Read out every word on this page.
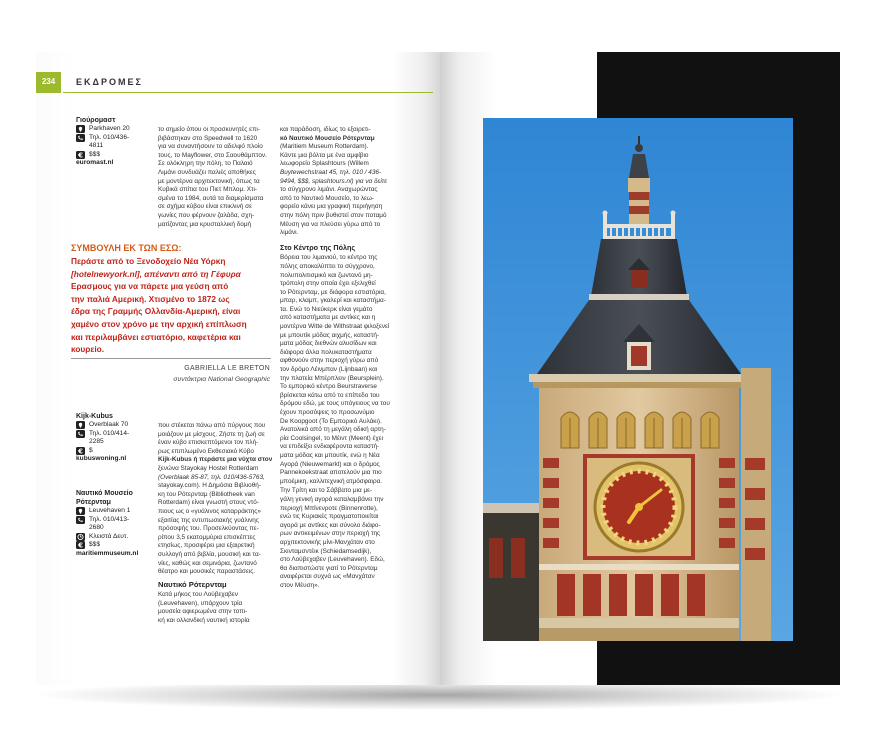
234	ΕΚΔΡΟΜΕΣ
Γιούρομαστ
Parkhaven 20
Τηλ. 010/436-
4811
€ $$$
euromast.nl
ΣΥΜΒΟΥΛΗ ΕΚ ΤΩΝ ΕΣΩ:
Περάστε από το Ξενοδοχείο Νέα Υόρκη
[hotelnewyork.nl], απέναντι από τη Γέφυρα
Ερασμους για να πάρετε μια γεύση από
την παλιά Αμερική. Χτισμένο το 1872 ως
έδρα της Γραμμής Ολλανδία-Αμερική, είναι
χαμένο στον χρόνο με την αρχική επίπλωση
και περιλαμβάνει εστιατόριο, καφετέρια και
κουρείο.
GABRIELLA LE BRETON
συντάκτρια National Geographic
Kijk-Kubus
Overblaak 70
Τηλ. 010/414-
2285
€ $
kubuswoning.nl
Ναυτικό Μουσείο
Ρότερνταμ
Leuvehaven 1
Τηλ. 010/413-
2680
Κλειστά Δευτ.
€ $$$
maritiemmuseum.nl

το σημείο όπου οι προσκυνητές επι-

βιβάστηκαν στο Speedwell το 1620

για να συναντήσουν το αδελφό πλοίο

τους, το Mayflower, στο Σαουθάμπτον.

Σε ολόκληρη την πόλη, το Παλαιό

Λιμάνι συνδυάζει παλιές αποθήκες

με μοντέρνα αρχιτεκτονική, όπως τα

Κυβικά σπίτια του Πιετ Μπλομ. Χτι-

σμένα το 1984, αυτά τα διαμερίσματα

σε σχήμα κύβου είναι επικλινή σε

γωνίες που φέρνουν ζαλάδα, σχη-

ματίζοντας μια κρυσταλλική δομή

που στέκεται πάνω από πύργους που

μοιάζουν με μίσχους. Ζήστε τη ζωή σε

έναν κύβο επισκεπτόμενοι τον πλή-

ρως επιπλωμένο Εκθεσιακό Κύβο

Kijk-Kubus ή περάστε μια νύχτα στον

ξενώνα Stayokay Hostel Rotterdam

(Overblaak 85-87, τηλ. 010/436-5763,

stayokay.com). Η Δημόσια Βιβλιοθή-

κη του Ρότερνταμ (Bibliotheek van

Rotterdam) είναι γνωστή στους ντό-

πιους ως ο «γυάλινος καταρράκτης»

εξαιτίας της εντυπωσιακής γυάλινης

πρόσοψής του. Προσελκύοντας πε-

ρίπου 3,5 εκατομμύρια επισκέπτες

ετησίως, προσφέρει μια εξαιρετική

συλλογή από βιβλία, μουσική και τα-

νίες, καθώς και σεμινάρια, ζωντανό

θέατρο και μουσικές παραστάσεις.

Ναυτικό Ρότερνταμ

Κατά μήκος του Λούβεχαβεν

(Leuvehaven), υπάρχουν τρία

μουσεία αφιερωμένα στην τοπι-

κή και ολλανδική ναυτική ιστορία

και παράδοση, ιδίως το εξαιρετι-

κό Ναυτικό Μουσείο Ρότερνταμ

(Maritiem Museum Rotterdam).

Κάντε μια βόλτα με ένα αμφίβιο

λεωφορείο Splashtours (Willem

Buytewechstraat 45, τηλ. 010 / 436-

9494, $$$, splashtours.nl) για να δείτε

το σύγχρονο λιμάνι. Αναχωρώντας

από το Ναυτικό Μουσείο, το λεω-

φορείο κάνει μια γραφική περιήγηση

στην πόλη πριν βυθιστεί στον ποταμό

Μέυση για να πλεύσει γύρω από το

λιμάνι.

Στο Κέντρο της Πόλης

Βόρεια του λιμανιού, το κέντρο της

πόλης αποκαλύπτει το σύγχρονο,

πολυπολιτισμικό και ζωντανό μη-

τρόπολη στην οποία έχει εξελιχθεί

το Ρότερνταμ, με διάφορα εστιατόρια,

μπαρ, κλαμπ, γκαλερί και καταστήμα-

τα. Ενώ το Νιεύκερκ είναι γεμάτο

από καταστήματα με αντίκες και η

μοντέρνα Witte de Withstraat φιλοξενεί

με μπουτίκ μόδας αιχμής, καταστή-

ματα μόδας διεθνών αλυσίδων και

διάφορα άλλα πολυκαταστήματα

αφθονούν στην περιοχή γύρω από

τον δρόμο Λέινμπαν (Lijnbaan) και

την πλατεία Μπέρπλειν (Beursplein).

Το εμπορικό κέντρο Beurstraverse

βρίσκεται κάτω από το επίπεδο του

δρόμου εδώ, με τους υπόγειους να του

έχουν προσόψεις το προσωνύμιο

De Koopgoot (Το Εμπορικό Αυλάκι).

Ανατολικά από τη μεγάλη οδική αρτη-

ρία Coolsingel, το Μέιντ (Meent) έχει

να επιδείξει ενδιαφέροντα καταστή-

ματα μόδας και μπουτίκ, ενώ η Νέα

Αγορά (Nieuwemarkt) και ο δρόμος

Pannekoekstraat αποτελούν μια πιο

μποέμικη, καλλιτεχνική ατμόσφαιρα.

Την Τρίτη και το Σάββατο μια με-

γάλη γενική αγορά καταλαμβάνει την

περιοχή Μπίνενροτε (Binnenrotte),

ενώ τις Κυριακές πραγματοποιείται

αγορά με αντίκες και σύνολο διάφο-

ρων αντικειμένων στην περιοχή της

αρχιτεκτονικής μίνι-Μανχάταν στο

Σκινταμσντέικ (Schiedamsedijk),

στο Λούβεχαβεν (Leuvehaven). Εδώ,

θα διαπιστώστε γιατί το Ρότερνταμ

αναφέρεται συχνά ως «Μανχάταν

στον Μέυση».
